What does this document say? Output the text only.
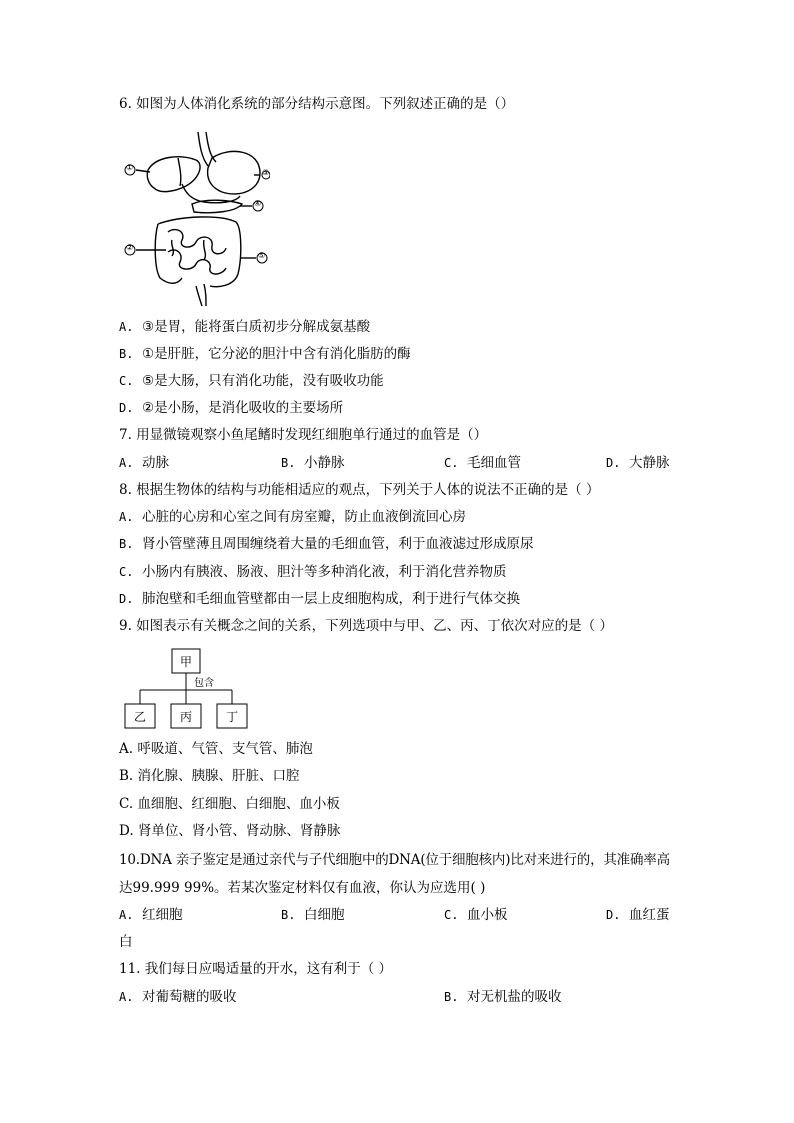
6. 如图为人体消化系统的部分结构示意图。下列叙述正确的是（）
A. ③是胃，能将蛋白质初步分解成氨基酸
B. ①是肝脏，它分泌的胆汁中含有消化脂肪的酶
C. ⑤是大肠，只有消化功能，没有吸收功能
D. ②是小肠，是消化吸收的主要场所
7. 用显微镜观察小鱼尾鳍时发现红细胞单行通过的血管是（）
A. 动脉	B. 小静脉	C. 毛细血管	D. 大静脉
8. 根据生物体的结构与功能相适应的观点，下列关于人体的说法不正确的是（ ）
A. 心脏的心房和心室之间有房室瓣，防止血液倒流回心房
B. 肾小管壁薄且周围缠绕着大量的毛细血管，利于血液滤过形成原尿
C. 小肠内有胰液、肠液、胆汁等多种消化液，利于消化营养物质
D. 肺泡壁和毛细血管壁都由一层上皮细胞构成，利于进行气体交换
9. 如图表示有关概念之间的关系，下列选项中与甲、乙、丙、丁依次对应的是（ ）
甲
包含
乙	丙	丁
A. 呼吸道、气管、支气管、肺泡
B. 消化腺、胰腺、肝脏、口腔
C. 血细胞、红细胞、白细胞、血小板
D. 肾单位、肾小管、肾动脉、肾静脉
10.DNA 亲子鉴定是通过亲代与子代细胞中的DNA(位于细胞核内)比对来进行的，其准确率高
达99.999 99%。若某次鉴定材料仅有血液，你认为应选用( )
A. 红细胞	B. 白细胞	C. 血小板	D. 血红蛋
白
11. 我们每日应喝适量的开水，这有利于（ ）
A. 对葡萄糖的吸收	B. 对无机盐的吸收
①
②
③
④
⑤
